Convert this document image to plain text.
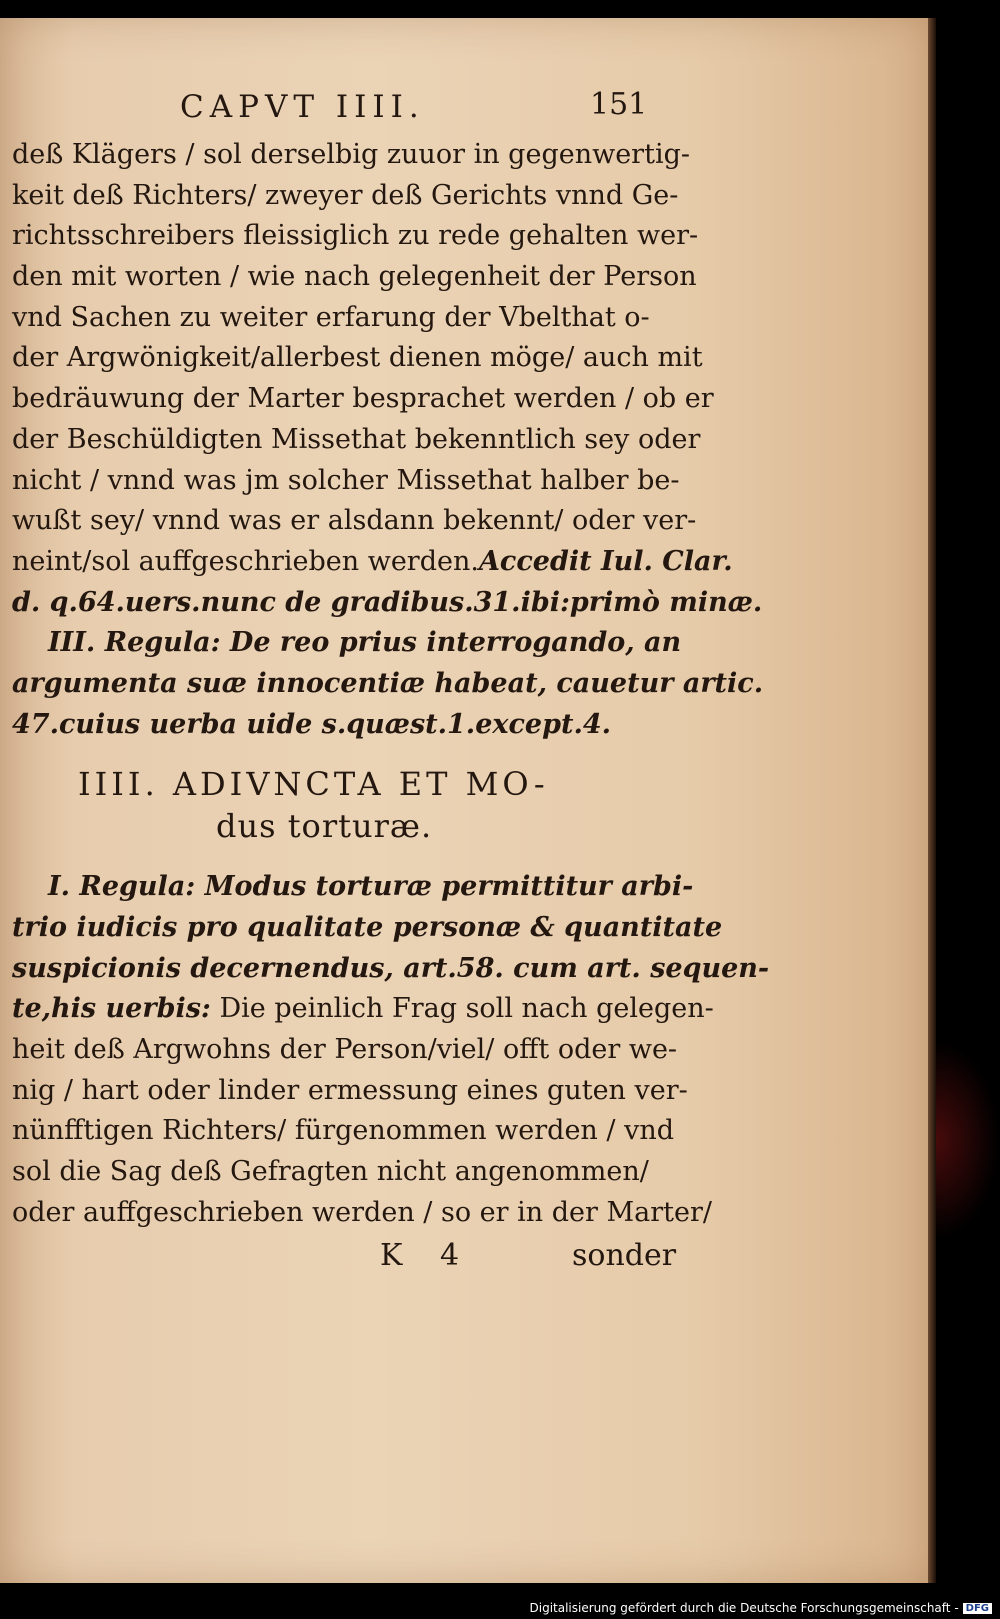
CAPVT IIII.	151
deß Klägers / sol derselbig zuuor in gegenwertig-
keit deß Richters/ zweyer deß Gerichts vnnd Ge-
richtsschreibers fleissiglich zu rede gehalten wer-
den mit worten / wie nach gelegenheit der Person
vnd Sachen zu weiter erfarung der Vbelthat o-
der Argwönigkeit/allerbest dienen möge/ auch mit
bedräuwung der Marter besprachet werden / ob er
der Beschüldigten Missethat bekenntlich sey oder
nicht / vnnd was jm solcher Missethat halber be-
wußt sey/ vnnd was er alsdann bekennt/ oder ver-
neint/sol auffgeschrieben werden.Accedit Iul. Clar.
d. q.64.uers.nunc de gradibus.31.ibi:primò minæ.
III. Regula: De reo prius interrogando, an
argumenta suæ innocentiæ habeat, cauetur artic.
47.cuius uerba uide s.quæst.1.except.4.
IIII. ADIVNCTA ET MO-
dus torturæ.
I. Regula: Modus torturæ permittitur arbi-
trio iudicis pro qualitate personæ & quantitate
suspicionis decernendus, art.58. cum art. sequen-
te,his uerbis: Die peinlich Frag soll nach gelegen-
heit deß Argwohns der Person/viel/ offt oder we-
nig / hart oder linder ermessung eines guten ver-
nünfftigen Richters/ fürgenommen werden / vnd
sol die Sag deß Gefragten nicht angenommen/
oder auffgeschrieben werden / so er in der Marter/
K 4	sonder
Digitalisierung gefördert durch die Deutsche Forschungsgemeinschaft - DFG
